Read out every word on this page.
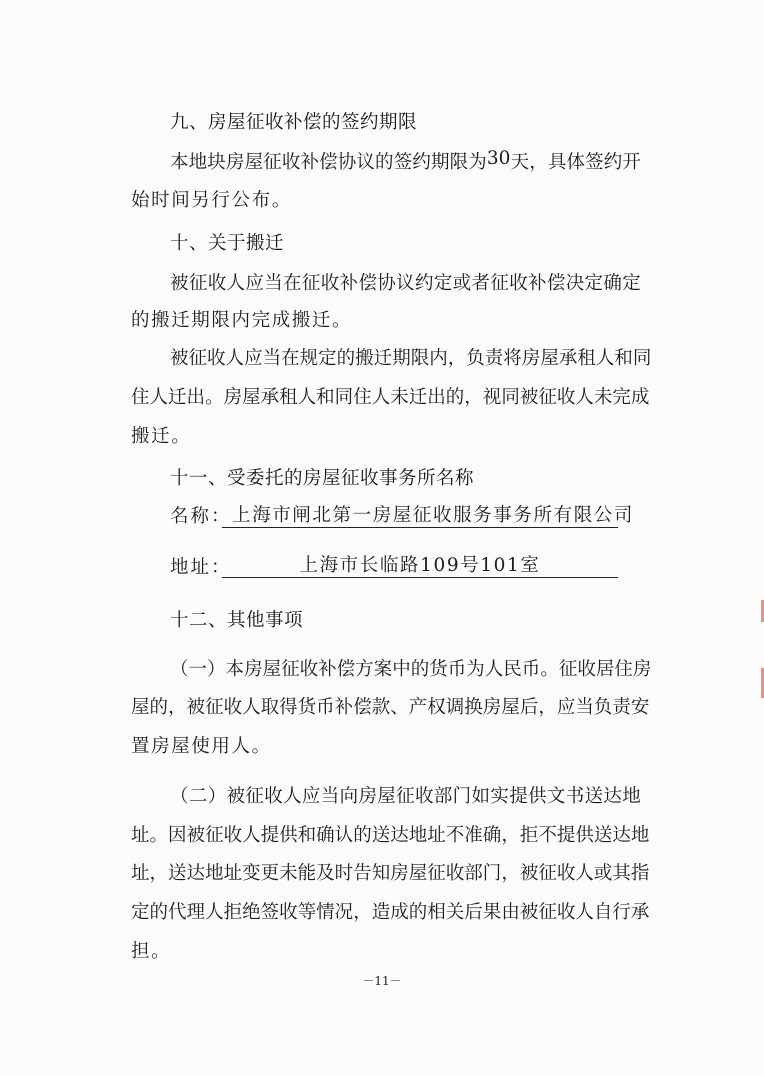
九、房屋征收补偿的签约期限
本 地 块 房 屋 征 收 补 偿 协 议 的 签 约 期 限 为 30 天 ， 具 体 签 约 开
始时间另行公布。
十、关于搬迁
被 征 收 人 应 当 在 征 收 补 偿 协 议 约 定 或 者 征 收 补 偿 决 定 确 定
的搬迁期限内完成搬迁。
被 征 收 人 应 当 在 规 定 的 搬 迁 期 限 内 ， 负 责 将 房 屋 承 租 人 和 同
住 人 迁 出 。 房 屋 承 租 人 和 同 住 人 未 迁 出 的 ， 视 同 被 征 收 人 未 完 成
搬迁。
十一、受委托的房屋征收事务所名称
名称： 上海市闸北第一房屋征收服务事务所有限公司
地址：	上海市长临路109号101室
十二、其他事项
（ 一 ） 本 房 屋 征 收 补 偿 方 案 中 的 货 币 为 人 民 币 。 征 收 居 住 房
屋 的 ， 被 征 收 人 取 得 货 币 补 偿 款 、 产 权 调 换 房 屋 后 ， 应 当 负 责 安
置房屋使用人。
（ 二 ） 被 征 收 人 应 当 向 房 屋 征 收 部 门 如 实 提 供 文 书 送 达 地
址 。 因 被 征 收 人 提 供 和 确 认 的 送 达 地 址 不 准 确 ， 拒 不 提 供 送 达 地
址 ， 送 达 地 址 变 更 未 能 及 时 告 知 房 屋 征 收 部 门 ， 被 征 收 人 或 其 指
定 的 代 理 人 拒 绝 签 收 等 情 况 ， 造 成 的 相 关 后 果 由 被 征 收 人 自 行 承
担。
－11－
